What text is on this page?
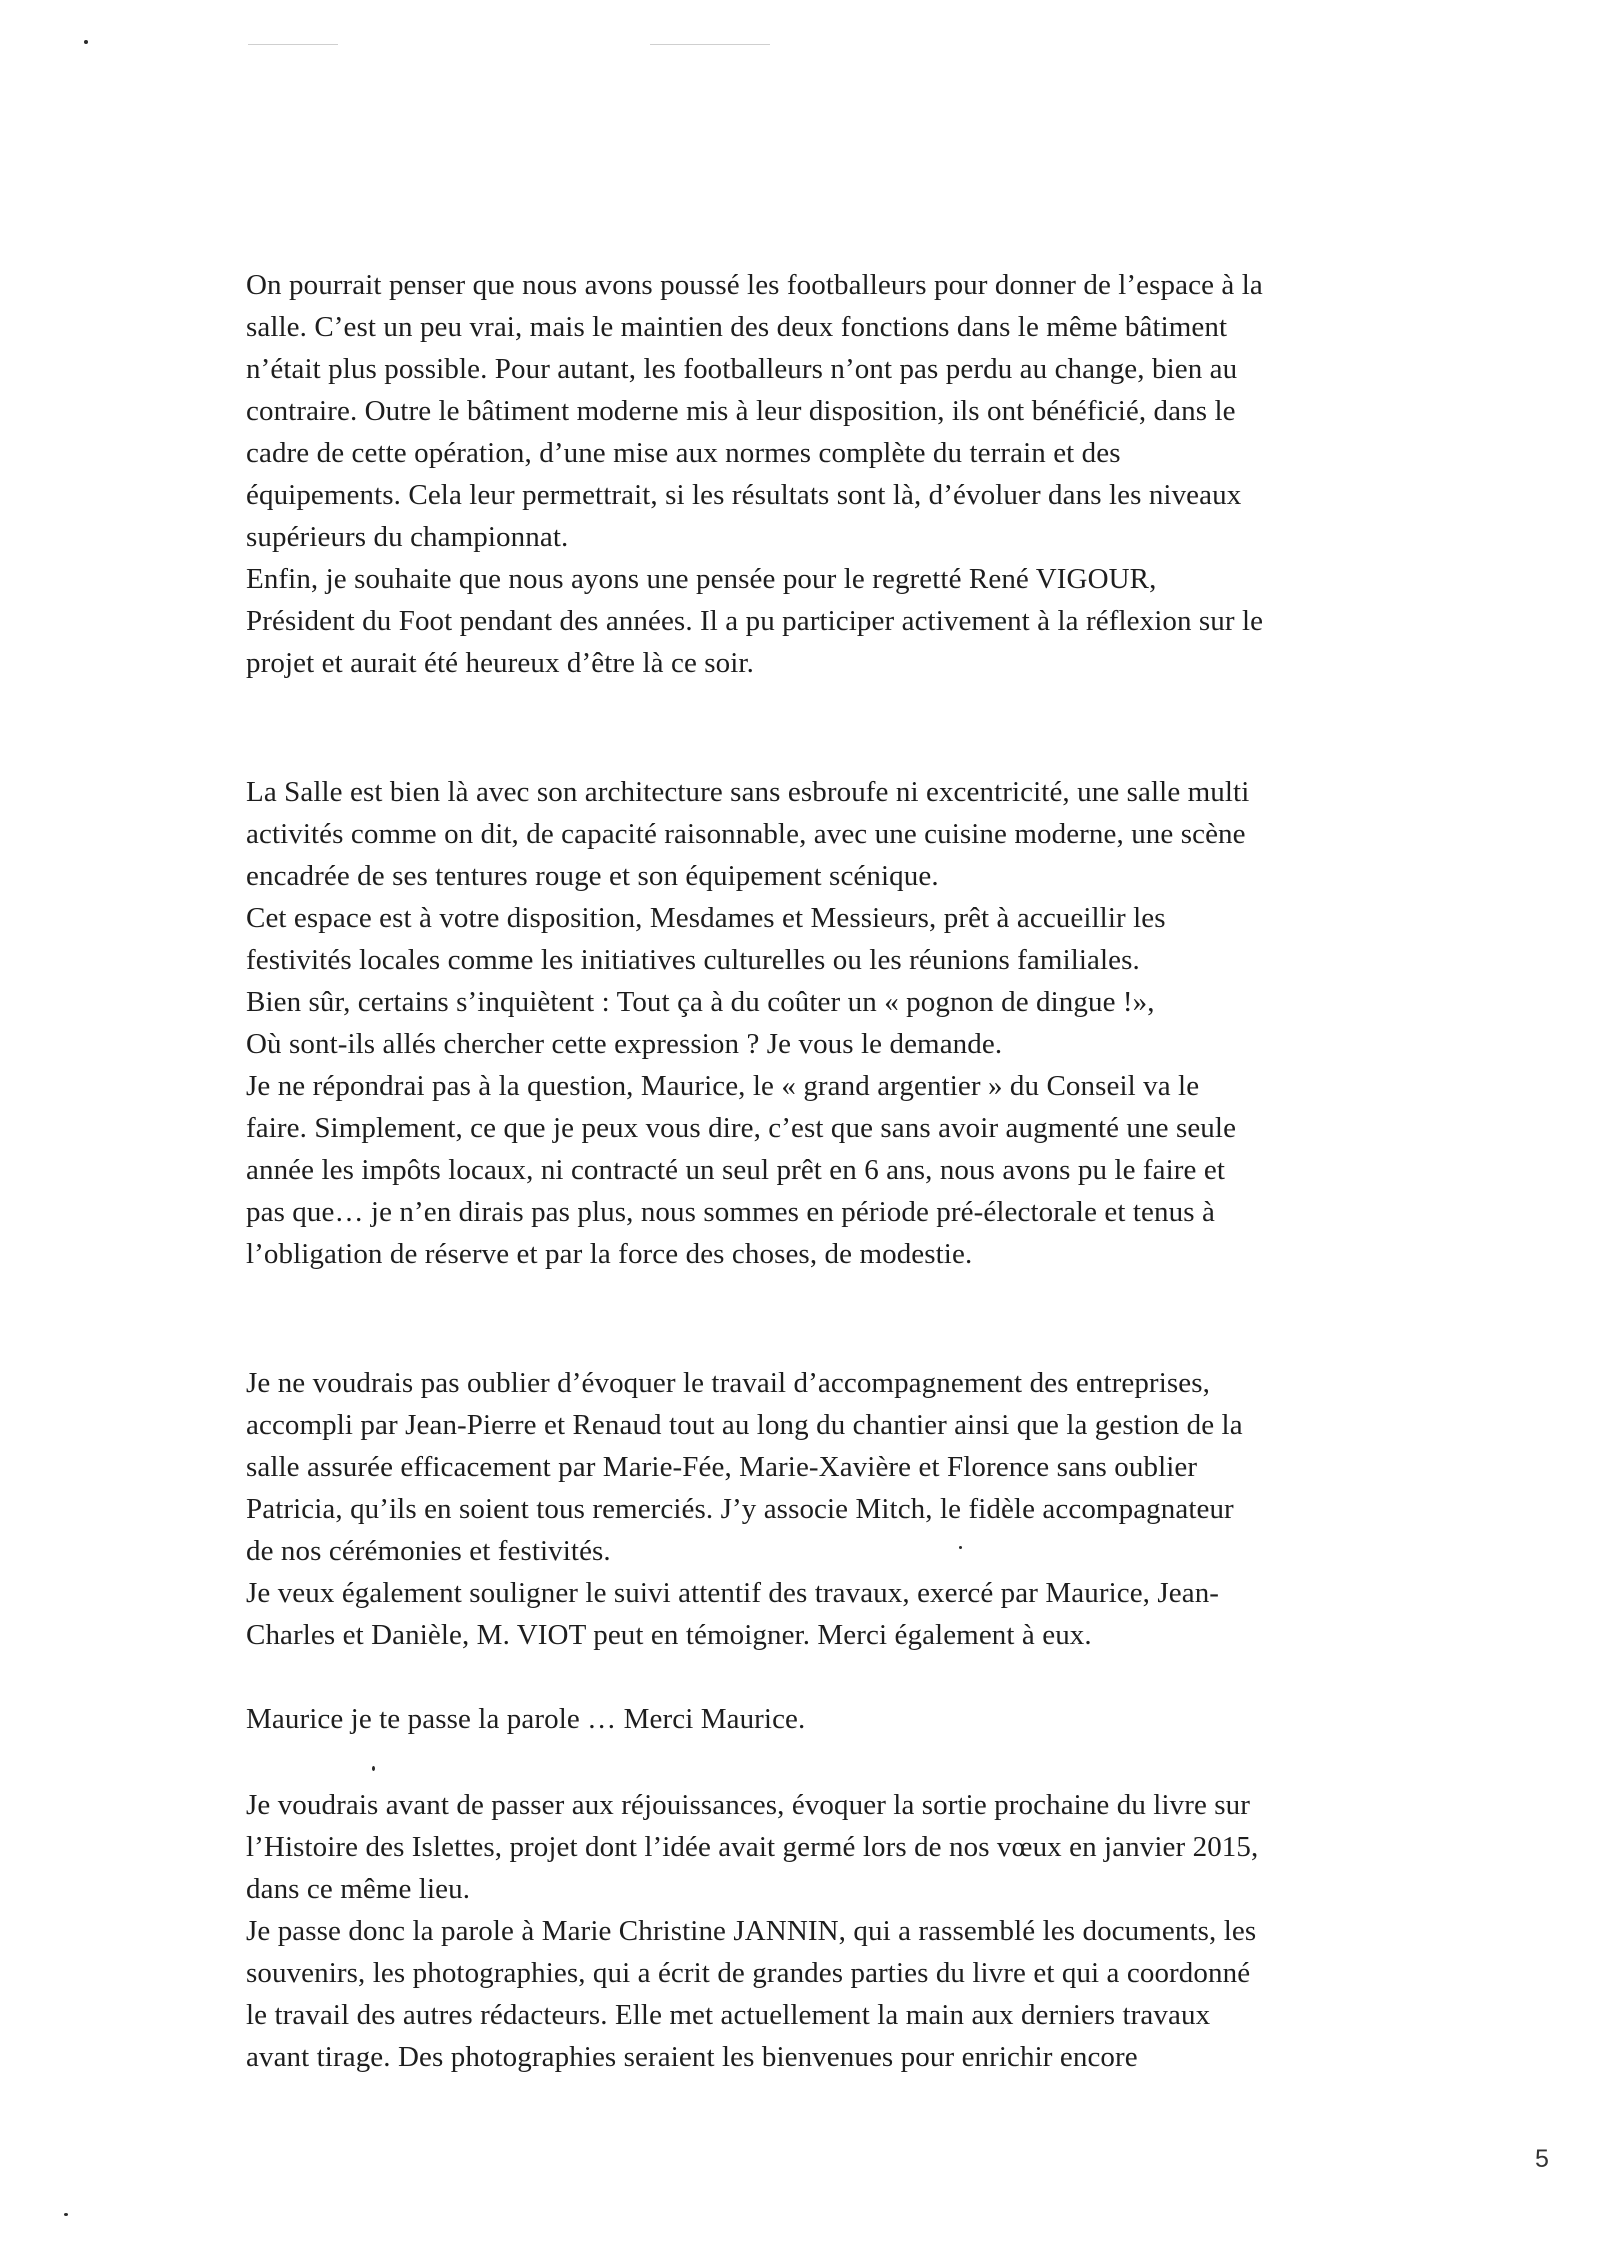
On pourrait penser que nous avons poussé les footballeurs pour donner de l’espace à la
salle. C’est un peu vrai, mais le maintien des deux fonctions dans le même bâtiment
n’était plus possible. Pour autant, les footballeurs n’ont pas perdu au change, bien au
contraire. Outre le bâtiment moderne mis à leur disposition, ils ont bénéficié, dans le
cadre de cette opération, d’une mise aux normes complète du terrain et des
équipements. Cela leur permettrait, si les résultats sont là, d’évoluer dans les niveaux
supérieurs du championnat.
Enfin, je souhaite que nous ayons une pensée pour le regretté René VIGOUR,
Président du Foot pendant des années. Il a pu participer activement à la réflexion sur le
projet et aurait été heureux d’être là ce soir.
La Salle est bien là avec son architecture sans esbroufe ni excentricité, une salle multi
activités comme on dit, de capacité raisonnable, avec une cuisine moderne, une scène
encadrée de ses tentures rouge et son équipement scénique.
Cet espace est à votre disposition, Mesdames et Messieurs, prêt à accueillir les
festivités locales comme les initiatives culturelles ou les réunions familiales.
Bien sûr, certains s’inquiètent : Tout ça à du coûter un « pognon de dingue !»,
Où sont-ils allés chercher cette expression ? Je vous le demande.
Je ne répondrai pas à la question, Maurice, le « grand argentier » du Conseil va le
faire. Simplement, ce que je peux vous dire, c’est que sans avoir augmenté une seule
année les impôts locaux, ni contracté un seul prêt en 6 ans, nous avons pu le faire et
pas que… je n’en dirais pas plus, nous sommes en période pré-électorale et tenus à
l’obligation de réserve et par la force des choses, de modestie.
Je ne voudrais pas oublier d’évoquer le travail d’accompagnement des entreprises,
accompli par Jean-Pierre et Renaud tout au long du chantier ainsi que la gestion de la
salle assurée efficacement par Marie-Fée, Marie-Xavière et Florence sans oublier
Patricia, qu’ils en soient tous remerciés. J’y associe Mitch, le fidèle accompagnateur
de nos cérémonies et festivités.
Je veux également souligner le suivi attentif des travaux, exercé par Maurice, Jean-
Charles et Danièle, M. VIOT peut en témoigner. Merci également à eux.
Maurice je te passe la parole … Merci Maurice.
Je voudrais avant de passer aux réjouissances, évoquer la sortie prochaine du livre sur
l’Histoire des Islettes, projet dont l’idée avait germé lors de nos vœux en janvier 2015,
dans ce même lieu.
Je passe donc la parole à Marie Christine JANNIN, qui a rassemblé les documents, les
souvenirs, les photographies, qui a écrit de grandes parties du livre et qui a coordonné
le travail des autres rédacteurs. Elle met actuellement la main aux derniers travaux
avant tirage. Des photographies seraient les bienvenues pour enrichir encore
5
